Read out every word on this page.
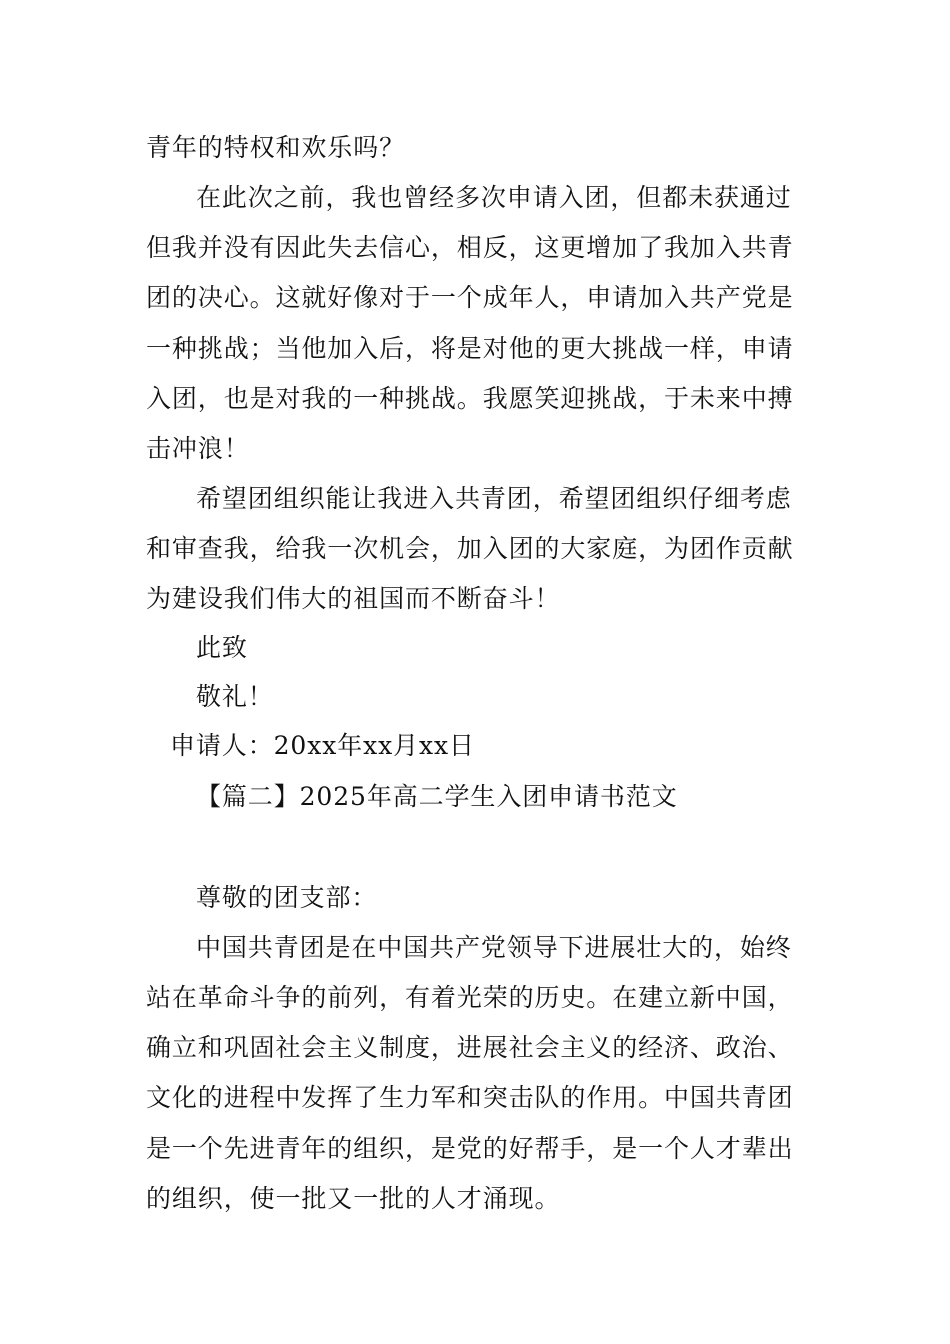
青年的特权和欢乐吗？
在此次之前，我也曾经多次申请入团，但都未获通过
但我并没有因此失去信心，相反，这更增加了我加入共青
团的决心。这就好像对于一个成年人，申请加入共产党是
一种挑战；当他加入后，将是对他的更大挑战一样，申请
入团，也是对我的一种挑战。我愿笑迎挑战，于未来中搏
击冲浪！
希望团组织能让我进入共青团，希望团组织仔细考虑
和审查我，给我一次机会，加入团的大家庭，为团作贡献
为建设我们伟大的祖国而不断奋斗！
此致
敬礼！
申请人：20xx年xx月xx日
【篇二】2025年高二学生入团申请书范文
尊敬的团支部：
中国共青团是在中国共产党领导下进展壮大的，始终
站在革命斗争的前列，有着光荣的历史。在建立新中国，
确立和巩固社会主义制度，进展社会主义的经济、政治、
文化的进程中发挥了生力军和突击队的作用。中国共青团
是一个先进青年的组织，是党的好帮手，是一个人才辈出
的组织，使一批又一批的人才涌现。
